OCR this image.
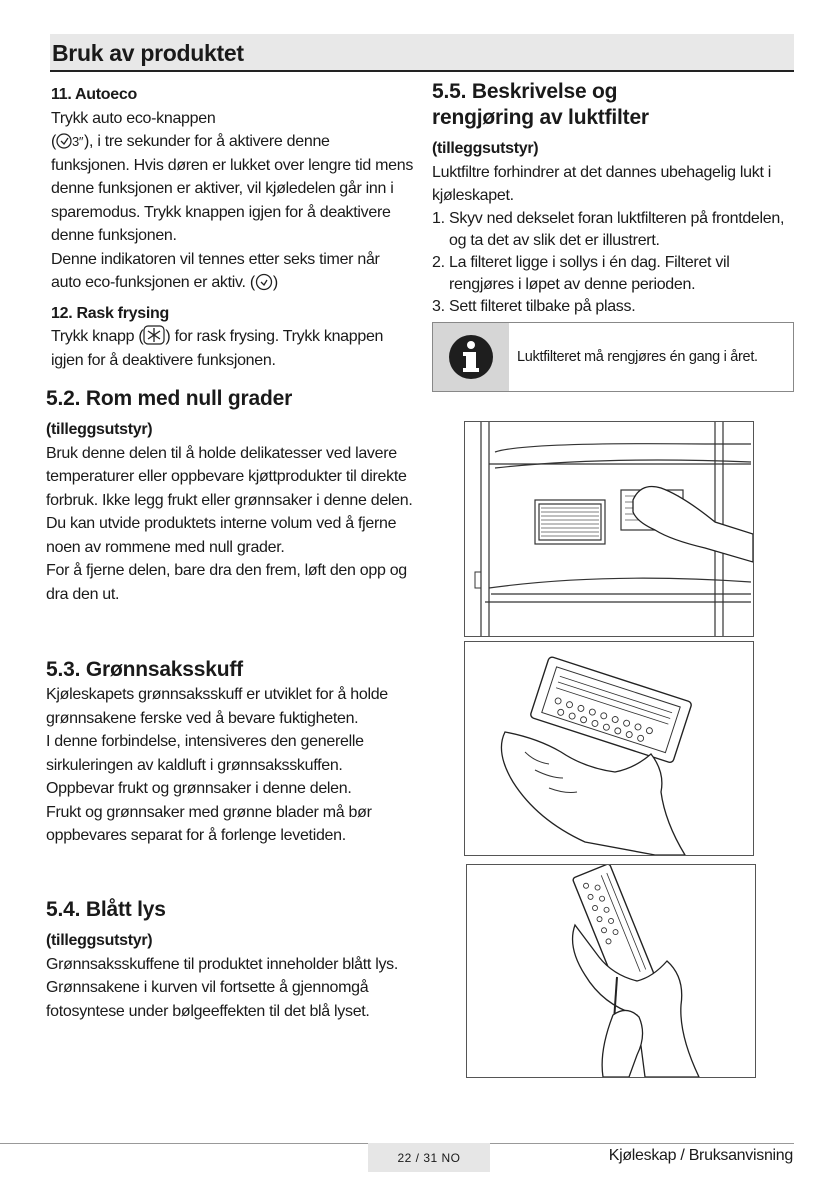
Bruk av produktet
11. Autoeco

Trykk auto eco-knappen

( 3″ ), i tre sekunder for å aktivere denne

funksjonen. Hvis døren er lukket over lengre tid mens denne funksjonen er aktiver, vil kjøledelen går inn i sparemodus. Trykk knappen igjen for å deaktivere denne funksjonen.

Denne indikatoren vil tennes etter seks timer når

auto eco-funksjonen er aktiv. ( )

12. Rask frysing

Trykk knapp ( ) for rask frysing. Trykk knappen

igjen for å deaktivere funksjonen.

5.2. Rom med null grader
(tilleggsutstyr)

Bruk denne delen til å holde delikatesser ved lavere temperaturer eller oppbevare kjøttprodukter til direkte forbruk. Ikke legg frukt eller grønnsaker i denne delen.

Du kan utvide produktets interne volum ved å fjerne noen av rommene med null grader.

For å fjerne delen, bare dra den frem, løft den opp og dra den ut.

5.3. Grønnsaksskuff

Kjøleskapets grønnsaksskuff er utviklet for å holde grønnsakene ferske ved å bevare fuktigheten.

I denne forbindelse, intensiveres den generelle sirkuleringen av kaldluft i grønnsaksskuffen.

Oppbevar frukt og grønnsaker i denne delen.

Frukt og grønnsaker med grønne blader må bør oppbevares separat for å forlenge levetiden.

5.4. Blått lys
(tilleggsutstyr)

Grønnsaksskuffene til produktet inneholder blått lys. Grønnsakene i kurven vil fortsette å gjennomgå fotosyntese under bølgeeffekten til det blå lyset.

5.5. Beskrivelse og
rengjøring av luktfilter
(tilleggsutstyr)

Luktfiltre forhindrer at det dannes ubehagelig lukt i kjøleskapet.

1. Skyv ned dekselet foran luktfilteren på frontdelen, og ta det av slik det er illustrert.
2. La filteret ligge i sollys i én dag. Filteret vil rengjøres i løpet av denne perioden.
3. Sett filteret tilbake på plass.
Luktfilteret må rengjøres én gang i året.
22 / 31 NO	Kjøleskap / Bruksanvisning
